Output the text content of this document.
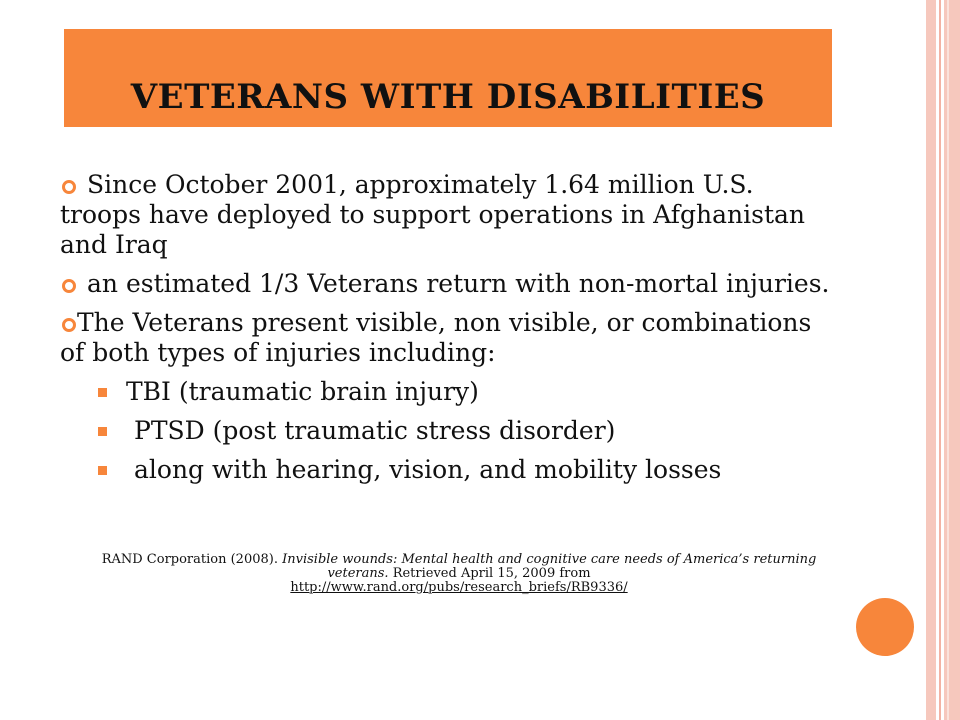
VETERANS WITH DISABILITIES
Since October 2001, approximately 1.64 million U.S. troops have deployed to support operations in Afghanistan and Iraq
an estimated 1/3 Veterans return with non-mortal injuries.
The Veterans present visible, non visible, or combinations of both types of injuries including:
TBI (traumatic brain injury)
PTSD (post traumatic stress disorder)
along with hearing, vision, and mobility losses
RAND Corporation (2008). Invisible wounds: Mental health and cognitive care needs of America’s returning veterans. Retrieved April 15, 2009 from
http://www.rand.org/pubs/research_briefs/RB9336/
